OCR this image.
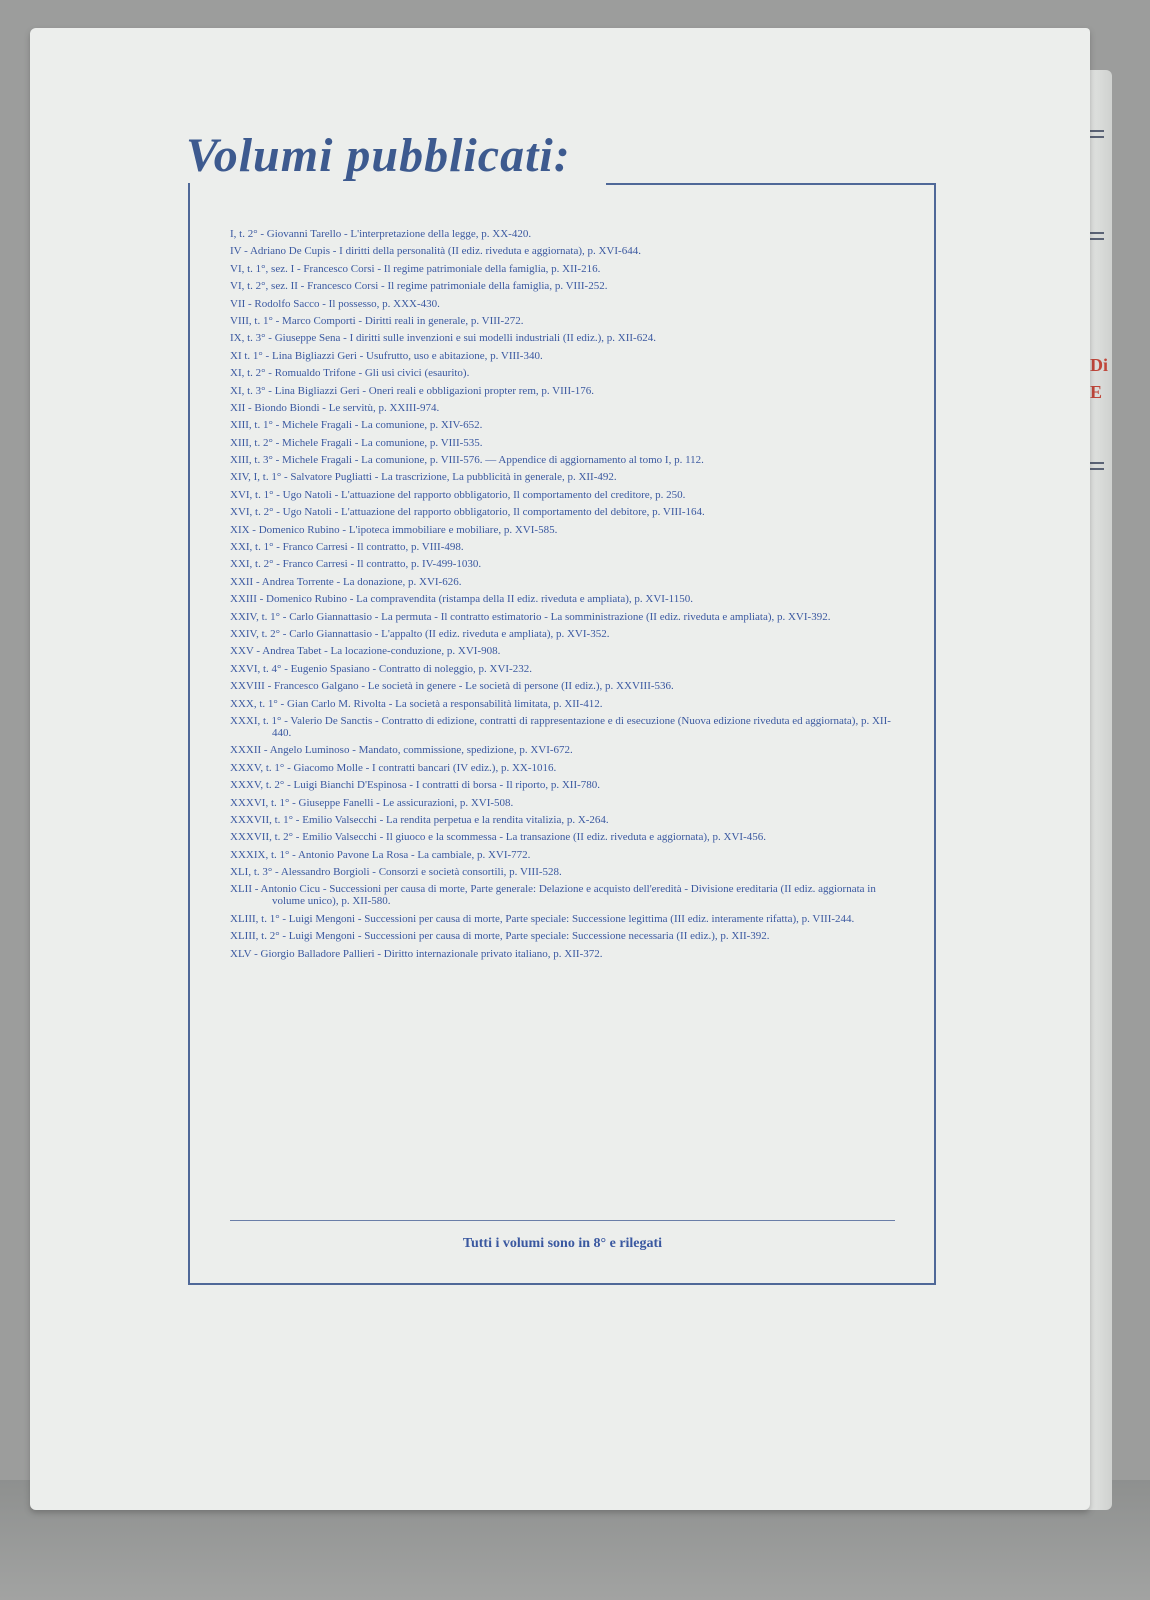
Di
E
Volumi pubblicati:
I, t. 2° - Giovanni Tarello - L'interpretazione della legge, p. XX-420.
IV - Adriano De Cupis - I diritti della personalità (II ediz. riveduta e aggiornata), p. XVI-644.
VI, t. 1°, sez. I - Francesco Corsi - Il regime patrimoniale della famiglia, p. XII-216.
VI, t. 2°, sez. II - Francesco Corsi - Il regime patrimoniale della famiglia, p. VIII-252.
VII - Rodolfo Sacco - Il possesso, p. XXX-430.
VIII, t. 1° - Marco Comporti - Diritti reali in generale, p. VIII-272.
IX, t. 3° - Giuseppe Sena - I diritti sulle invenzioni e sui modelli industriali (II ediz.), p. XII-624.
XI t. 1° - Lina Bigliazzi Geri - Usufrutto, uso e abitazione, p. VIII-340.
XI, t. 2° - Romualdo Trifone - Gli usi civici (esaurito).
XI, t. 3° - Lina Bigliazzi Geri - Oneri reali e obbligazioni propter rem, p. VIII-176.
XII - Biondo Biondi - Le servitù, p. XXIII-974.
XIII, t. 1° - Michele Fragali - La comunione, p. XIV-652.
XIII, t. 2° - Michele Fragali - La comunione, p. VIII-535.
XIII, t. 3° - Michele Fragali - La comunione, p. VIII-576. — Appendice di aggiornamento al tomo I, p. 112.
XIV, I, t. 1° - Salvatore Pugliatti - La trascrizione, La pubblicità in generale, p. XII-492.
XVI, t. 1° - Ugo Natoli - L'attuazione del rapporto obbligatorio, Il comportamento del creditore, p. 250.
XVI, t. 2° - Ugo Natoli - L'attuazione del rapporto obbligatorio, Il comportamento del debitore, p. VIII-164.
XIX - Domenico Rubino - L'ipoteca immobiliare e mobiliare, p. XVI-585.
XXI, t. 1° - Franco Carresi - Il contratto, p. VIII-498.
XXI, t. 2° - Franco Carresi - Il contratto, p. IV-499-1030.
XXII - Andrea Torrente - La donazione, p. XVI-626.
XXIII - Domenico Rubino - La compravendita (ristampa della II ediz. riveduta e ampliata), p. XVI-1150.
XXIV, t. 1° - Carlo Giannattasio - La permuta - Il contratto estimatorio - La somministrazione (II ediz. riveduta e ampliata), p. XVI-392.
XXIV, t. 2° - Carlo Giannattasio - L'appalto (II ediz. riveduta e ampliata), p. XVI-352.
XXV - Andrea Tabet - La locazione-conduzione, p. XVI-908.
XXVI, t. 4° - Eugenio Spasiano - Contratto di noleggio, p. XVI-232.
XXVIII - Francesco Galgano - Le società in genere - Le società di persone (II ediz.), p. XXVIII-536.
XXX, t. 1° - Gian Carlo M. Rivolta - La società a responsabilità limitata, p. XII-412.
XXXI, t. 1° - Valerio De Sanctis - Contratto di edizione, contratti di rappresentazione e di esecuzione (Nuova edizione riveduta ed aggiornata), p. XII-440.
XXXII - Angelo Luminoso - Mandato, commissione, spedizione, p. XVI-672.
XXXV, t. 1° - Giacomo Molle - I contratti bancari (IV ediz.), p. XX-1016.
XXXV, t. 2° - Luigi Bianchi D'Espinosa - I contratti di borsa - Il riporto, p. XII-780.
XXXVI, t. 1° - Giuseppe Fanelli - Le assicurazioni, p. XVI-508.
XXXVII, t. 1° - Emilio Valsecchi - La rendita perpetua e la rendita vitalizia, p. X-264.
XXXVII, t. 2° - Emilio Valsecchi - Il giuoco e la scommessa - La transazione (II ediz. riveduta e aggiornata), p. XVI-456.
XXXIX, t. 1° - Antonio Pavone La Rosa - La cambiale, p. XVI-772.
XLI, t. 3° - Alessandro Borgioli - Consorzi e società consortili, p. VIII-528.
XLII - Antonio Cicu - Successioni per causa di morte, Parte generale: Delazione e acquisto dell'eredità - Divisione ereditaria (II ediz. aggiornata in volume unico), p. XII-580.
XLIII, t. 1° - Luigi Mengoni - Successioni per causa di morte, Parte speciale: Successione legittima (III ediz. interamente rifatta), p. VIII-244.
XLIII, t. 2° - Luigi Mengoni - Successioni per causa di morte, Parte speciale: Successione necessaria (II ediz.), p. XII-392.
XLV - Giorgio Balladore Pallieri - Diritto internazionale privato italiano, p. XII-372.
Tutti i volumi sono in 8° e rilegati
